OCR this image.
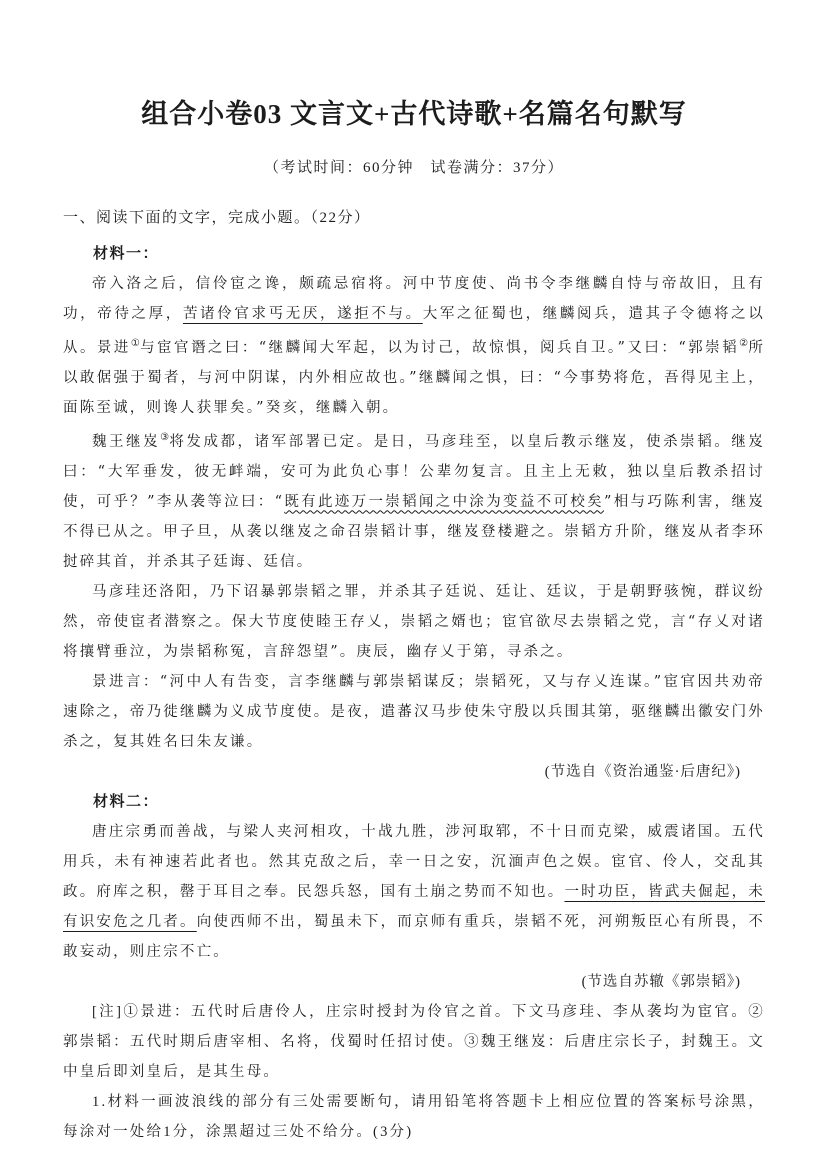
组合小卷03 文言文+古代诗歌+名篇名句默写
（考试时间：60分钟　试卷满分：37分）
一、阅读下面的文字，完成小题。（22分）
材料一：

帝入洛之后，信伶宦之谗，颇疏忌宿将。河中节度使、尚书令李继麟自恃与帝故旧，且有功，帝待之厚，苦诸伶官求丐无厌，遂拒不与。大军之征蜀也，继麟阅兵，遣其子令德将之以从。景进①与宦官谮之曰：“继麟闻大军起，以为讨己，故惊惧，阅兵自卫。”又曰：“郭崇韬②所以敢倨强于蜀者，与河中阴谋，内外相应故也。”继麟闻之惧，曰：“今事势将危，吾得见主上，面陈至诚，则谗人获罪矣。”癸亥，继麟入朝。

魏王继岌③将发成都，诸军部署已定。是日，马彦珪至，以皇后教示继岌，使杀崇韬。继岌曰：“大军垂发，彼无衅端，安可为此负心事！公辈勿复言。且主上无敕，独以皇后教杀招讨使，可乎？”李从袭等泣曰：“既有此迹万一崇韬闻之中涂为变益不可校矣”相与巧陈利害，继岌不得已从之。甲子旦，从袭以继岌之命召崇韬计事，继岌登楼避之。崇韬方升阶，继岌从者李环挝碎其首，并杀其子廷诲、廷信。

马彦珪还洛阳，乃下诏暴郭崇韬之罪，并杀其子廷说、廷让、廷议，于是朝野骇惋，群议纷然，帝使宦者潜察之。保大节度使睦王存乂，崇韬之婿也；宦官欲尽去崇韬之党，言“存乂对诸将攘臂垂泣，为崇韬称冤，言辞怨望”。庚辰，幽存乂于第，寻杀之。

景进言：“河中人有告变，言李继麟与郭崇韬谋反；崇韬死，又与存乂连谋。”宦官因共劝帝速除之，帝乃徙继麟为义成节度使。是夜，遣蕃汉马步使朱守殷以兵围其第，驱继麟出徽安门外杀之，复其姓名曰朱友谦。

(节选自《资治通鉴·后唐纪》)
材料二：

唐庄宗勇而善战，与梁人夹河相攻，十战九胜，涉河取郓，不十日而克梁，威震诸国。五代用兵，未有神速若此者也。然其克敌之后，幸一日之安，沉湎声色之娱。宦官、伶人，交乱其政。府库之积，罄于耳目之奉。民怨兵怒，国有土崩之势而不知也。一时功臣，皆武夫倔起，未有识安危之几者。向使西师不出，蜀虽未下，而京师有重兵，崇韬不死，河朔叛臣心有所畏，不敢妄动，则庄宗不亡。

(节选自苏辙《郭崇韬》)

[注]①景进：五代时后唐伶人，庄宗时授封为伶官之首。下文马彦珪、李从袭均为宦官。②郭崇韬：五代时期后唐宰相、名将，伐蜀时任招讨使。③魏王继岌：后唐庄宗长子，封魏王。文中皇后即刘皇后，是其生母。

1.材料一画波浪线的部分有三处需要断句，请用铅笔将答题卡上相应位置的答案标号涂黑，每涂对一处给1分，涂黑超过三处不给分。(3分)
